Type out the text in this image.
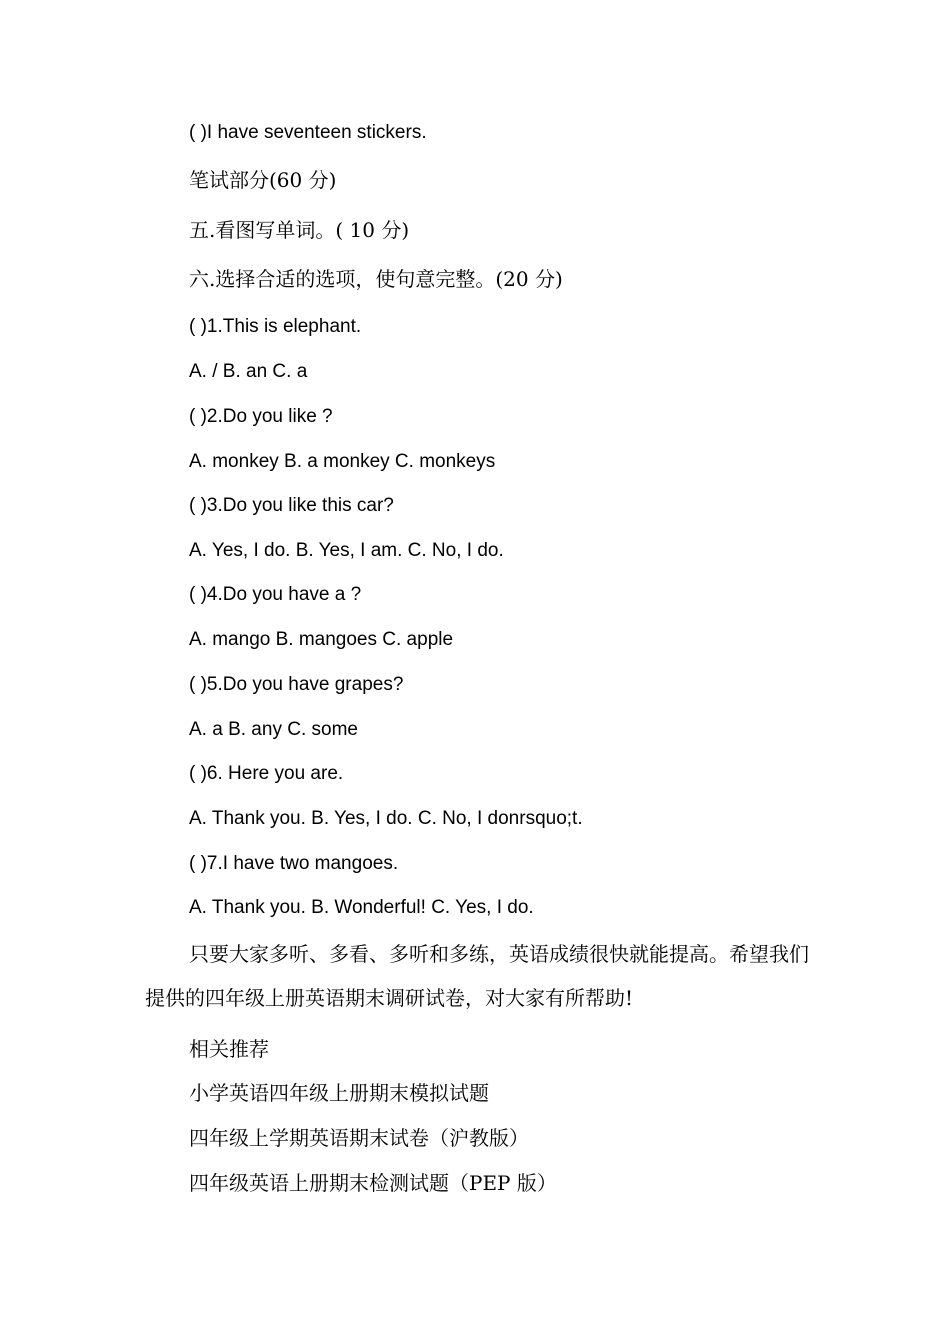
( )I have seventeen stickers.
笔试部分(60 分)
五.看图写单词。( 10 分)
六.选择合适的选项，使句意完整。(20 分)
( )1.This is elephant.
A. / B. an C. a
( )2.Do you like ?
A. monkey B. a monkey C. monkeys
( )3.Do you like this car?
A. Yes, I do. B. Yes, I am. C. No, I do.
( )4.Do you have a ?
A. mango B. mangoes C. apple
( )5.Do you have grapes?
A. a B. any C. some
( )6. Here you are.
A. Thank you. B. Yes, I do. C. No, I donrsquo;t.
( )7.I have two mangoes.
A. Thank you. B. Wonderful! C. Yes, I do.
只要大家多听、多看、多听和多练，英语成绩很快就能提高。希望我们提供的四年级上册英语期末调研试卷，对大家有所帮助!
相关推荐
小学英语四年级上册期末模拟试题
四年级上学期英语期末试卷（沪教版）
四年级英语上册期末检测试题（PEP 版）
